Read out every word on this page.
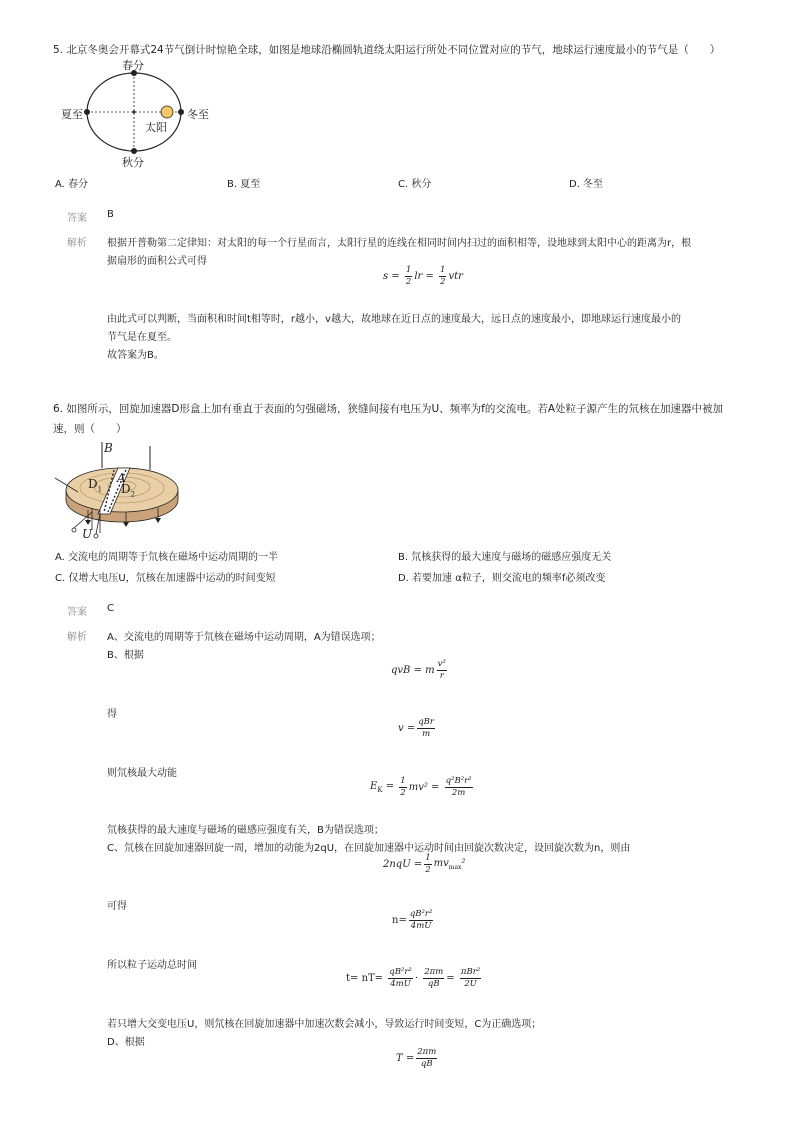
5. 北京冬奥会开幕式24节气倒计时惊艳全球，如图是地球沿椭圆轨道绕太阳运行所处不同位置对应的节气，地球运行速度最小的节气是（　　）
春分
秋分
夏至	冬至
太阳
A. 春分	B. 夏至	C. 秋分	D. 冬至
答案 B
解析 根据开普勒第二定律知：对太阳的每一个行星而言，太阳行星的连线在相同时间内扫过的面积相等，设地球到太阳中心的距离为r，根
据扇形的面积公式可得
$s = \frac{1}{2}$ lr = $\frac{1}{2}$ vtr
由此式可以判断，当面积和时间t相等时，r越小，v越大，故地球在近日点的速度最大，远日点的速度最小，即地球运行速度最小的
节气是在夏至。
故答案为B。
6. 如图所示，回旋加速器D形盒上加有垂直于表面的匀强磁场，狭缝间接有电压为U、频率为f的交流电。若A处粒子源产生的氘核在加速器中被加
速，则（　　）
B
A
$D_1$ $D_2$
U
A. 交流电的周期等于氘核在磁场中运动周期的一半	B. 氘核获得的最大速度与磁场的磁感应强度无关
C. 仅增大电压U，氘核在加速器中运动的时间变短	D. 若要加速 α粒子，则交流电的频率f必须改变
答案 C
解析 A、交流电的周期等于氘核在磁场中运动周期，A为错误选项；
B、根据
qvB = m $\frac{\text{v²}}{r}$
得
$v = \frac{\text{qBr}}{m}$
则氘核最大动能
$E_K = \frac{1}{2} mv^2 = \frac{\text{q²B²r²}}{2m}$
氘核获得的最大速度与磁场的磁感应强度有关，B为错误选项；
C、氘核在回旋加速器回旋一周，增加的动能为2qU，在回旋加速器中运动时间由回旋次数决定，设回旋次数为n，则由
$2nqU = \frac{1}{2} mv_{max}^2$
可得
$n= \frac{\text{qB²r²}}{4mU}$
所以粒子运动总时间
$t= nT= \frac{\text{qB²r²}}{4mU} \cdot \frac{2\pi m}{qB} = \frac{\text{πBr²}}{2U}$
若只增大交变电压U，则氘核在回旋加速器中加速次数会减小，导致运行时间变短，C为正确选项；
D、根据
$T = \frac{2\pi m}{qB}$
